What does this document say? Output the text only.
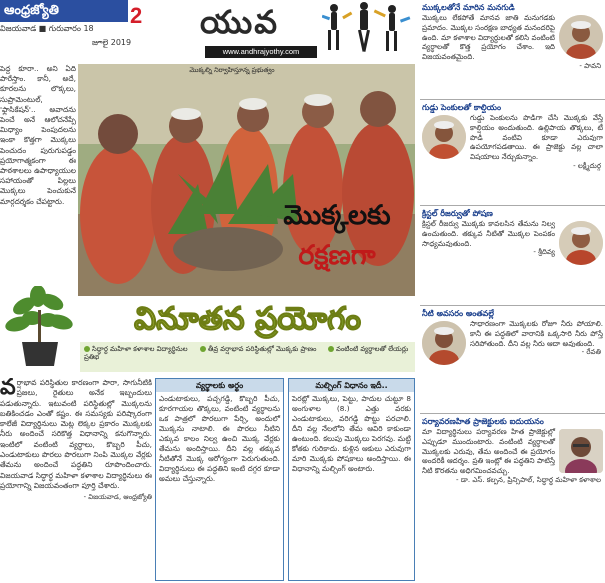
ఆంధ్రజ్యోతి	2
విజయవాడ ■ గురువారం 18
జూలై 2019
యువ
www.andhrajyothy.com
పెద్ద కూరా.. అని ఏది పారేస్తాం. కానీ, అదే, కూరలను లొక్కలు, సుప్రామెంటుల్, 'ఫ్లాసికేషన్'.. అవాదను పెంచే అనే ఆలోచనేప్పే మిధ్యాం పెంపుదలను ఇంకా కొత్తగా మొక్కలు పెంచుదం పురుగుపడ్డం ప్రయోగాత్మకంగా ఈ పాఠశాలలు ఉపాధ్యాయుల సహాయంతో పిల్లలు మొక్కలు పెంచుకునే మార్గదర్శకం చేపట్టారు.
మొక్కల్ని నిర్వాహిస్తూన్న ప్రభుత్వం
మొక్కలకు
రక్షణగా
వినూతన ప్రయోగం
సిద్ధార్థ మహిళా కళాశాల విద్యార్థినుల ప్రతిభ
తీవ్ర వర్షాభావ పరిస్థితుల్లో మొక్కకు ప్రాణం	వంటింటి వ్యర్థాలతో లేయర్లు
వర్షాభావ పరిస్థితుల కారణంగా పారా, సాగునీటికి ప్రజలు, రైతులు అనేక ఇబ్బందులు పడుతున్నారు. ఇటువంటి పరిస్థితుల్లో మొక్కలను బతికించడం ఎంతో కష్టం. ఈ సమస్యకు పరిష్కారంగా కాలేజీ విద్యార్థినులు మెట్ల లెక్కల ప్రకారం మొక్కలకు నీరు అందించే సరికొత్త విధానాన్ని కనుగొన్నారు. ఇంటిలో వంటింటి వ్యర్థాలు, కొబ్బరి పీచు, ఎండుటాకులు పొరలు పొరలుగా నింపి మొక్కల వేర్లకు తేమను అందించే పద్ధతిని రూపొందించారు. విజయవాడ సిద్ధార్థ మహిళా కళాశాల విద్యార్థినులు ఈ ప్రయోగాన్ని విజయవంతంగా పూర్తి చేశారు.
- విజయవాడ, ఆంధ్రజ్యోతి
వ్యర్థాలకు అర్థం
ఎండుటాకులు, పచ్చగడ్డి, కొబ్బరి పీచు, కూరగాయల తొక్కలు, వంటింటి వ్యర్థాలను ఒక పాత్రలో పొరలుగా పేర్చి, అందులో మొక్కను నాటాలి. ఈ పొరలు నీటిని ఎక్కువ కాలం నిల్వ ఉంచి మొక్క వేర్లకు తేమను అందిస్తాయి. దీని వల్ల తక్కువ నీటితోనే మొక్క ఆరోగ్యంగా పెరుగుతుంది. విద్యార్థినులు ఈ పద్ధతిని ఇంటి దగ్గర కూడా అమలు చేస్తున్నారు.
మల్చింగ్ విధానం ఇదీ..
పెరట్లో మొక్కలు, పెట్టు, పాదుల చుట్టూ 8 అంగుళాల (8.) ఎత్తు వరకు ఎండుటాకులు, వరిగడ్డి పొట్టు పరచాలి. దీని వల్ల నేలలోని తేమ ఆవిరి కాకుండా ఉంటుంది. కలుపు మొక్కలు పెరగవు. మట్టి కోతకు గురికాదు. కుళ్లిన ఆకులు ఎరువుగా మారి మొక్కకు పోషకాలు అందిస్తాయి. ఈ విధానాన్ని మల్చింగ్ అంటారు.
ముక్కలతోనే మారిన మనగుడి
మొక్కలు లేకపోతే మానవ జాతి మనుగడకు ప్రమాదం. మొక్కల సంరక్షణ బాధ్యత మనందరిపై ఉంది. మా కళాశాల విద్యార్థులతో కలిసి వంటింటి వ్యర్థాలతో కొత్త ప్రయోగం చేశాం. ఇది విజయవంతమైంది.
- పావని
గుడ్డు పెంకులతో కాల్షియం
గుడ్డు పెంకులను పొడిగా చేసి మొక్కకు వేస్తే కాల్షియం అందుతుంది. ఉల్లిపాయ తొక్కలు, టీ పొడి వంటివి కూడా ఎరువుగా ఉపయోగపడతాయి. ఈ ప్రాజెక్టు వల్ల చాలా విషయాలు నేర్చుకున్నాం.
- లక్ష్మీదుర్గ
క్రిస్టల్ రీజర్వుతో పోషణ
క్రిస్టల్ రీజర్వు మొక్కకు కావలసిన తేమను నిల్వ ఉంచుతుంది. తక్కువ నీటితో మొక్కల పెంపకం సాధ్యమవుతుంది.
- శ్రీదివ్య
నీటి అవసరం అంతవల్లే
సాధారణంగా మొక్కలకు రోజూ నీరు పోయాలి. కానీ ఈ పద్ధతిలో వారానికి ఒక్కసారి నీరు పోస్తే సరిపోతుంది. దీని వల్ల నీరు ఆదా అవుతుంది.
- రేవతి
పర్యావరణహిత ప్రాజెక్టులకు ఐదుయనం
మా విద్యార్థినులు పర్యావరణ హిత ప్రాజెక్టుల్లో ఎప్పుడూ ముందుంటారు. వంటింటి వ్యర్థాలతో మొక్కలకు ఎరువు, తేమ అందించే ఈ ప్రయోగం అందరికీ ఆదర్శం. ప్రతి ఇంట్లో ఈ పద్ధతిని పాటిస్తే నీటి కొరతను అధిగమించవచ్చు.
- డా. ఎస్. కల్పన, ప్రిన్సిపాల్, సిద్ధార్థ మహిళా కళాశాల
